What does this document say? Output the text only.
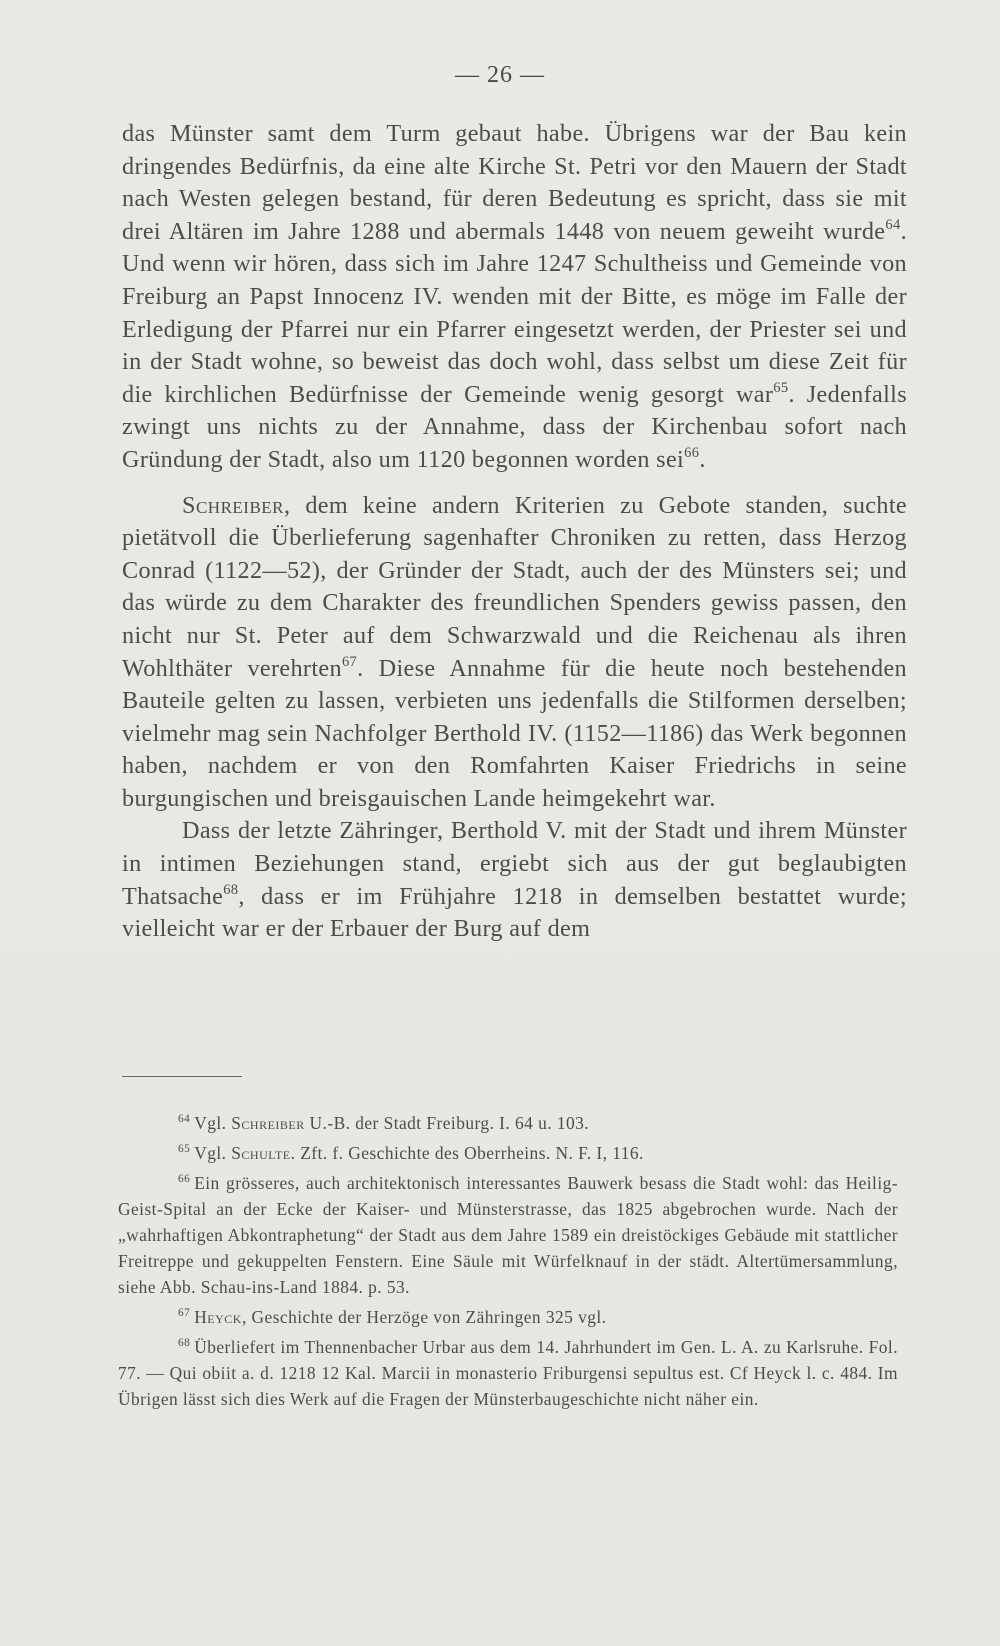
— 26 —

das Münster samt dem Turm gebaut habe. Übrigens war der Bau kein dringendes Bedürfnis, da eine alte Kirche St. Petri vor den Mauern der Stadt nach Westen gelegen bestand, für deren Bedeutung es spricht, dass sie mit drei Altären im Jahre 1288 und abermals 1448 von neuem geweiht wurde$^{64}$. Und wenn wir hören, dass sich im Jahre 1247 Schultheiss und Gemeinde von Freiburg an Papst Innocenz IV. wenden mit der Bitte, es möge im Falle der Erledigung der Pfarrei nur ein Pfarrer eingesetzt werden, der Priester sei und in der Stadt wohne, so beweist das doch wohl, dass selbst um diese Zeit für die kirchlichen Bedürfnisse der Gemeinde wenig gesorgt war$^{65}$. Jedenfalls zwingt uns nichts zu der Annahme, dass der Kirchenbau sofort nach Gründung der Stadt, also um 1120 begonnen worden sei$^{66}$.

Schreiber, dem keine andern Kriterien zu Gebote standen, suchte pietätvoll die Überlieferung sagenhafter Chroniken zu retten, dass Herzog Conrad (1122—52), der Gründer der Stadt, auch der des Münsters sei; und das würde zu dem Charakter des freundlichen Spenders gewiss passen, den nicht nur St. Peter auf dem Schwarzwald und die Reichenau als ihren Wohlthäter verehrten$^{67}$. Diese Annahme für die heute noch bestehenden Bauteile gelten zu lassen, verbieten uns jedenfalls die Stilformen derselben; vielmehr mag sein Nachfolger Berthold IV. (1152—1186) das Werk begonnen haben, nachdem er von den Romfahrten Kaiser Friedrichs in seine burgungischen und breisgauischen Lande heimgekehrt war.

Dass der letzte Zähringer, Berthold V. mit der Stadt und ihrem Münster in intimen Beziehungen stand, ergiebt sich aus der gut beglaubigten Thatsache$^{68}$, dass er im Frühjahre 1218 in demselben bestattet wurde; vielleicht war er der Erbauer der Burg auf dem

$^{64}$ Vgl. Schreiber U.-B. der Stadt Freiburg. I. 64 u. 103.

$^{65}$ Vgl. Schulte. Zft. f. Geschichte des Oberrheins. N. F. I, 116.

$^{66}$ Ein grösseres, auch architektonisch interessantes Bauwerk besass die Stadt wohl: das Heilig-Geist-Spital an der Ecke der Kaiser- und Münsterstrasse, das 1825 abgebrochen wurde. Nach der „wahrhaftigen Abkontraphetung“ der Stadt aus dem Jahre 1589 ein dreistöckiges Gebäude mit stattlicher Freitreppe und gekuppelten Fenstern. Eine Säule mit Würfelknauf in der städt. Altertümersammlung, siehe Abb. Schau-ins-Land 1884. p. 53.

$^{67}$ Heyck, Geschichte der Herzöge von Zähringen 325 vgl.

$^{68}$ Überliefert im Thennenbacher Urbar aus dem 14. Jahrhundert im Gen. L. A. zu Karlsruhe. Fol. 77. — Qui obiit a. d. 1218 12 Kal. Marcii in monasterio Friburgensi sepultus est. Cf Heyck l. c. 484. Im Übrigen lässt sich dies Werk auf die Fragen der Münsterbaugeschichte nicht näher ein.
